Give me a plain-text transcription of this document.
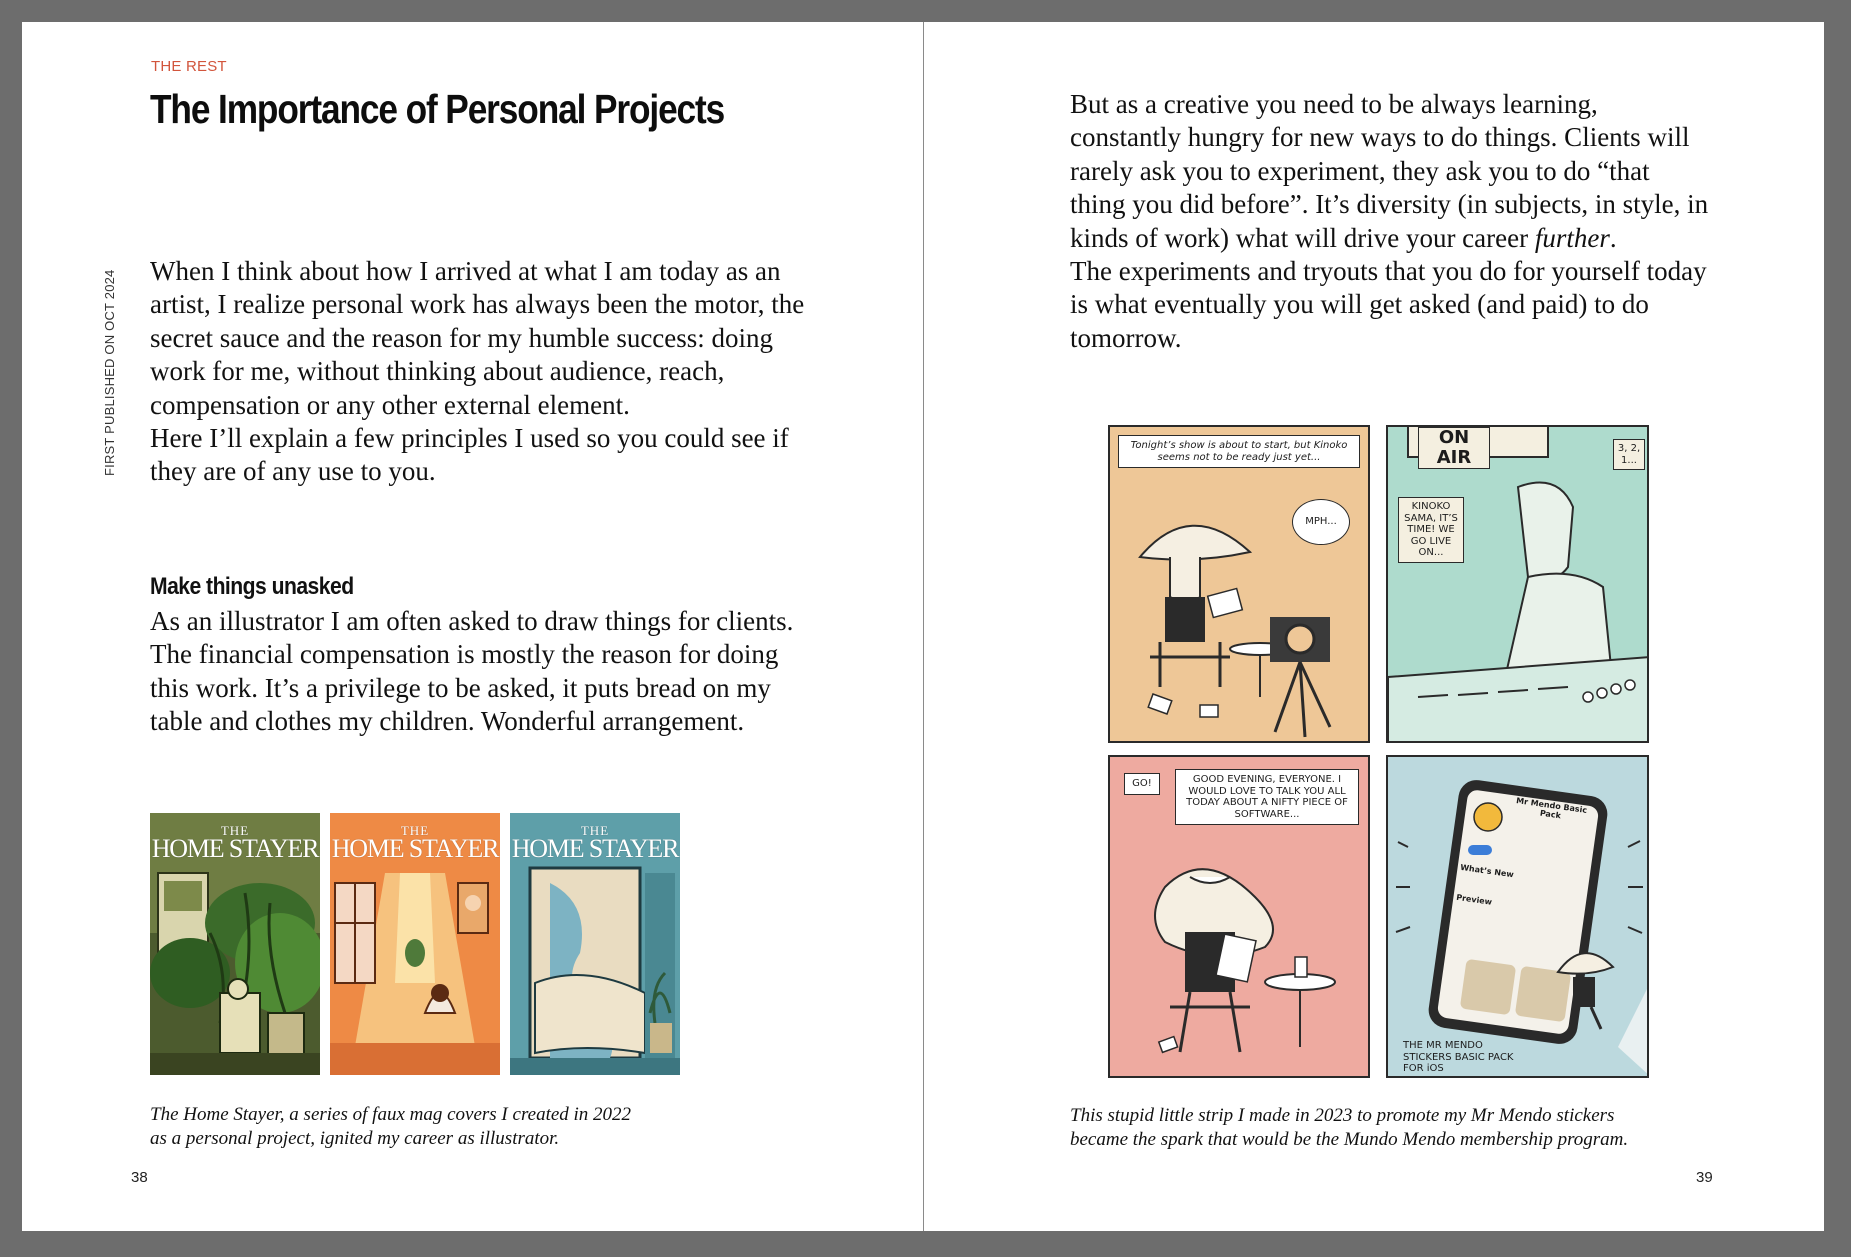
THE REST
The Importance of Personal Projects
FIRST PUBLISHED ON OCT 2024 When I think about how I arrived at what I am today as an artist, I realize personal work has always been the motor, the secret sauce and the reason for my humble success: doing work for me, without thinking about audience, reach, compensation or any other external element.

Here I’ll explain a few principles I used so you could see if they are of any use to you.

Make things unasked

As an illustrator I am often asked to draw things for clients. The financial compensation is mostly the reason for doing this work. It’s a privilege to be asked, it puts bread on my table and clothes my children. Wonderful arrangement.

THE
HOME STAYER
THE
HOME STAYER
THE
HOME STAYER
The Home Stayer, a series of faux mag covers I created in 2022
as a personal project, ignited my career as illustrator.
38

But as a creative you need to be always learning, constantly hungry for new ways to do things. Clients will rarely ask you to experiment, they ask you to do “that thing you did before”. It’s diversity (in subjects, in style, in kinds of work) what will drive your career further.

The experiments and tryouts that you do for yourself today is what eventually you will get asked (and paid) to do tomorrow.

Tonight’s show is about to start, but Kinoko seems not to be ready just yet...
MPH...
ON AIR
KINOKO SAMA, IT’S TIME! WE GO LIVE ON...
3, 2, 1...
GO!	GOOD EVENING, EVERYONE. I WOULD LOVE TO TALK YOU ALL TODAY ABOUT A NIFTY PIECE OF SOFTWARE...	Mr Mendo Basic Pack
What’s New
Preview
THE MR MENDO STICKERS BASIC PACK FOR iOS
This stupid little strip I made in 2023 to promote my Mr Mendo stickers
became the spark that would be the Mundo Mendo membership program.
39
